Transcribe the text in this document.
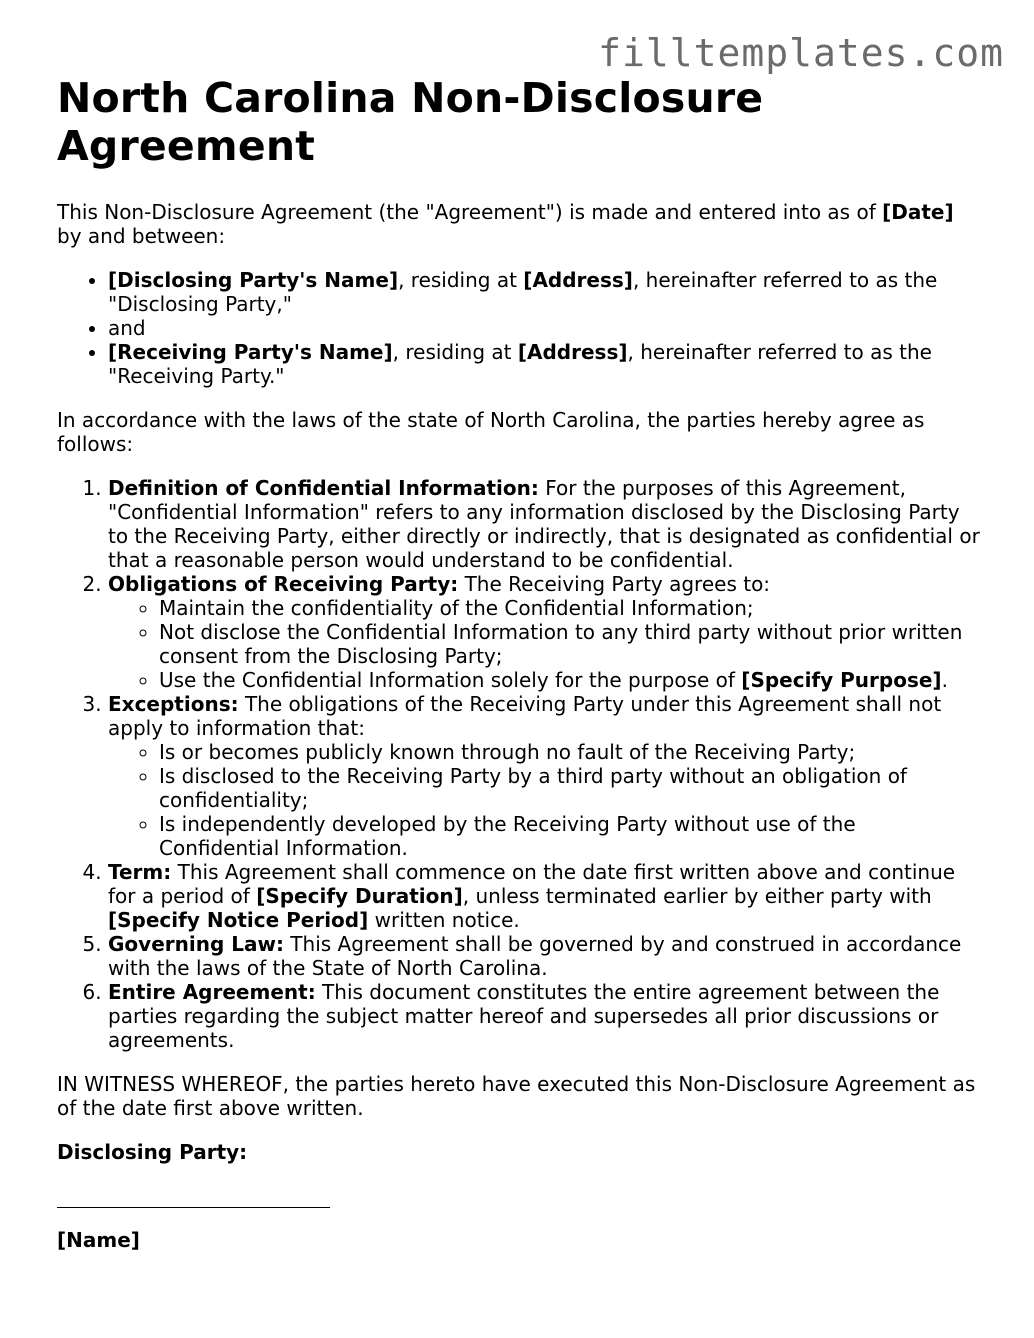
filltemplates.com
North Carolina Non-Disclosure Agreement

This Non-Disclosure Agreement (the "Agreement") is made and entered into as of [Date] by and between:

• [Disclosing Party's Name], residing at [Address], hereinafter referred to as the "Disclosing Party,"
• and
• [Receiving Party's Name], residing at [Address], hereinafter referred to as the "Receiving Party."

In accordance with the laws of the state of North Carolina, the parties hereby agree as follows:

1. Definition of Confidential Information: For the purposes of this Agreement, "Confidential Information" refers to any information disclosed by the Disclosing Party to the Receiving Party, either directly or indirectly, that is designated as confidential or that a reasonable person would understand to be confidential.
2. Obligations of Receiving Party: The Receiving Party agrees to:
◦ Maintain the confidentiality of the Confidential Information;
◦ Not disclose the Confidential Information to any third party without prior written consent from the Disclosing Party;
◦ Use the Confidential Information solely for the purpose of [Specify Purpose].
3. Exceptions: The obligations of the Receiving Party under this Agreement shall not apply to information that:
◦ Is or becomes publicly known through no fault of the Receiving Party;
◦ Is disclosed to the Receiving Party by a third party without an obligation of confidentiality;
◦ Is independently developed by the Receiving Party without use of the Confidential Information.
4. Term: This Agreement shall commence on the date first written above and continue for a period of [Specify Duration], unless terminated earlier by either party with [Specify Notice Period] written notice.
5. Governing Law: This Agreement shall be governed by and construed in accordance with the laws of the State of North Carolina.
6. Entire Agreement: This document constitutes the entire agreement between the parties regarding the subject matter hereof and supersedes all prior discussions or agreements.

IN WITNESS WHEREOF, the parties hereto have executed this Non-Disclosure Agreement as of the date first above written.

Disclosing Party:

[Name]
